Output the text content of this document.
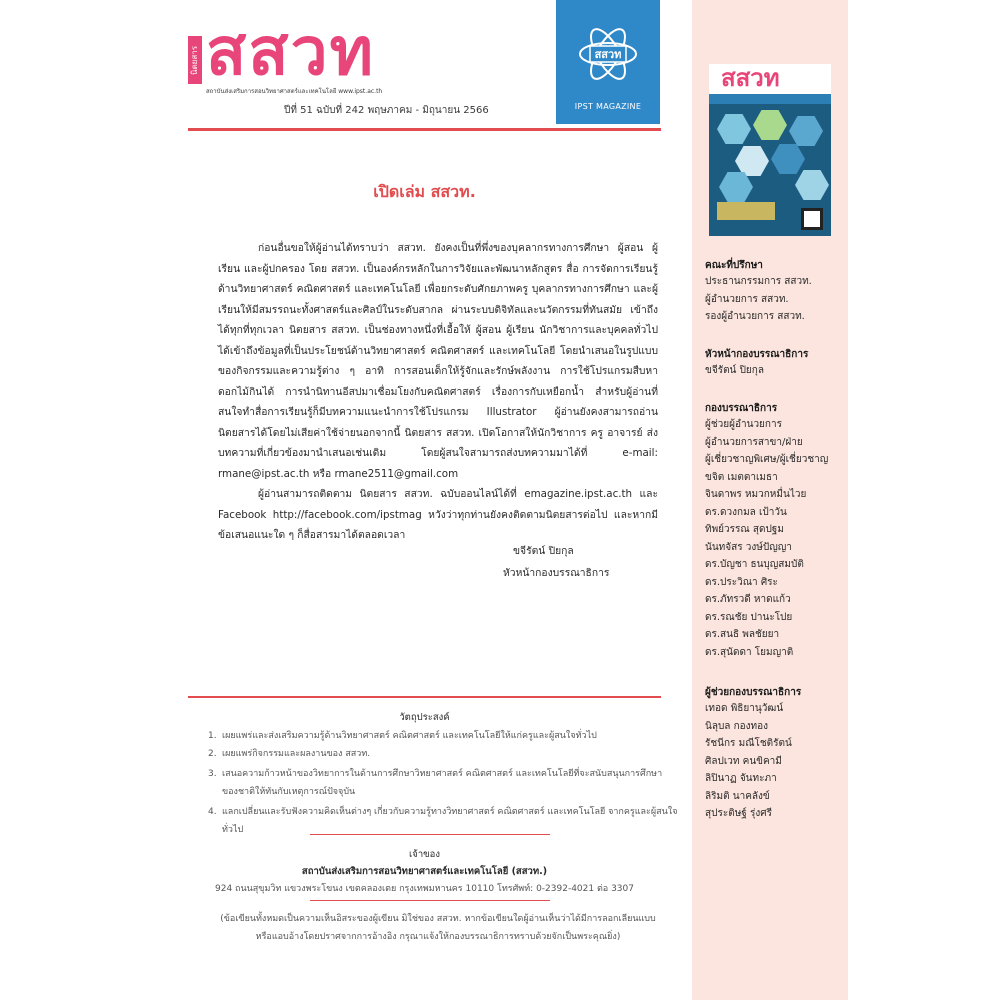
นิตยสาร สสวท
สถาบันส่งเสริมการสอนวิทยาศาสตร์และเทคโนโลยี www.ipst.ac.th
ปีที่ 51 ฉบับที่ 242 พฤษภาคม - มิถุนายน 2566
สสวท
IPST MAGAZINE
สสวท
คณะที่ปรึกษา
ประธานกรรมการ สสวท.
ผู้อำนวยการ สสวท.
รองผู้อำนวยการ สสวท.
หัวหน้ากองบรรณาธิการ
ขจีรัตน์ ปิยกุล
กองบรรณาธิการ
ผู้ช่วยผู้อำนวยการ
ผู้อำนวยการสาขา/ฝ่าย
ผู้เชี่ยวชาญพิเศษ/ผู้เชี่ยวชาญ
ขจิต เมตตาเมธา
จินดาพร หมวกหมื่นไวย
ดร.ดวงกมล เป้าวัน
ทิพย์วรรณ สุดปฐม
นันทจัสร วงษ์ปัญญา
ดร.บัญชา ธนบุญสมบัติ
ดร.ประวิณา ศิระ
ดร.ภัทรวดี หาดแก้ว
ดร.รณชัย ปานะโปย
ดร.สนธิ พลชัยยา
ดร.สุนัดดา โยมญาติ
ผู้ช่วยกองบรรณาธิการ
เทอด พิธิยานุวัฒน์
นิลุบล กองทอง
รัชนีกร มณีโชติรัตน์
ศิลปเวท คนขิคามี
ลิปินาฏ จันทะภา
ลิริมติ นาคลังข์
สุประติษฐ์ รุ่งศรี
เปิดเล่ม สสวท.

ก่อนอื่นขอให้ผู้อ่านได้ทราบว่า สสวท. ยังคงเป็นที่พึ่งของบุคลากรทางการศึกษา ผู้สอน ผู้เรียน และผู้ปกครอง โดย สสวท. เป็นองค์กรหลักในการวิจัยและพัฒนาหลักสูตร สื่อ การจัดการเรียนรู้ด้านวิทยาศาสตร์ คณิตศาสตร์ และเทคโนโลยี เพื่อยกระดับศักยภาพครู บุคลากรทางการศึกษา และผู้เรียนให้มีสมรรถนะทั้งศาสตร์และศิลป์ในระดับสากล ผ่านระบบดิจิทัลและนวัตกรรมที่ทันสมัย เข้าถึงได้ทุกที่ทุกเวลา นิตยสาร สสวท. เป็นช่องทางหนึ่งที่เอื้อให้ ผู้สอน ผู้เรียน นักวิชาการและบุคคลทั่วไปได้เข้าถึงข้อมูลที่เป็นประโยชน์ด้านวิทยาศาสตร์ คณิตศาสตร์ และเทคโนโลยี โดยนำเสนอในรูปแบบของกิจกรรมและความรู้ต่าง ๆ อาทิ การสอนเด็กให้รู้จักและรักษ์พลังงาน การใช้โปรแกรมสืบหาดอกไม้กินได้ การนำนิทานอีสปมาเชื่อมโยงกับคณิตศาสตร์ เรื่องการกับเหยือกน้ำ สำหรับผู้อ่านที่สนใจทำสื่อการเรียนรู้ก็มีบทความแนะนำการใช้โปรแกรม Illustrator ผู้อ่านยังคงสามารถอ่านนิตยสารได้โดยไม่เสียค่าใช้จ่ายนอกจากนี้ นิตยสาร สสวท. เปิดโอกาสให้นักวิชาการ ครู อาจารย์ ส่งบทความที่เกี่ยวข้องมานำเสนอเช่นเดิม โดยผู้สนใจสามารถส่งบทความมาได้ที่ e-mail: rmane@ipst.ac.th หรือ rmane2511@gmail.com

ผู้อ่านสามารถติดตาม นิตยสาร สสวท. ฉบับออนไลน์ได้ที่ emagazine.ipst.ac.th และ Facebook http://facebook.com/ipstmag หวังว่าทุกท่านยังคงติดตามนิตยสารต่อไป และหากมีข้อเสนอแนะใด ๆ ก็สื่อสารมาได้ตลอดเวลา

ขจีรัตน์ ปิยกุล
หัวหน้ากองบรรณาธิการ
วัตถุประสงค์
1. เผยแพร่และส่งเสริมความรู้ด้านวิทยาศาสตร์ คณิตศาสตร์ และเทคโนโลยีให้แก่ครูและผู้สนใจทั่วไป
2. เผยแพร่กิจกรรมและผลงานของ สสวท.
3. เสนอความก้าวหน้าของวิทยาการในด้านการศึกษาวิทยาศาสตร์ คณิตศาสตร์ และเทคโนโลยีที่จะสนับสนุนการศึกษาของชาติให้ทันกับเหตุการณ์ปัจจุบัน
4. แลกเปลี่ยนและรับฟังความคิดเห็นต่างๆ เกี่ยวกับความรู้ทางวิทยาศาสตร์ คณิตศาสตร์ และเทคโนโลยี จากครูและผู้สนใจทั่วไป
เจ้าของ
สถาบันส่งเสริมการสอนวิทยาศาสตร์และเทคโนโลยี (สสวท.)
924 ถนนสุขุมวิท แขวงพระโขนง เขตคลองเตย กรุงเทพมหานคร 10110 โทรศัพท์: 0-2392-4021 ต่อ 3307
(ข้อเขียนทั้งหมดเป็นความเห็นอิสระของผู้เขียน มิใช่ของ สสวท. หากข้อเขียนใดผู้อ่านเห็นว่าได้มีการลอกเลียนแบบหรือแอบอ้างโดยปราศจากการอ้างอิง กรุณาแจ้งให้กองบรรณาธิการทราบด้วยจักเป็นพระคุณยิ่ง)
